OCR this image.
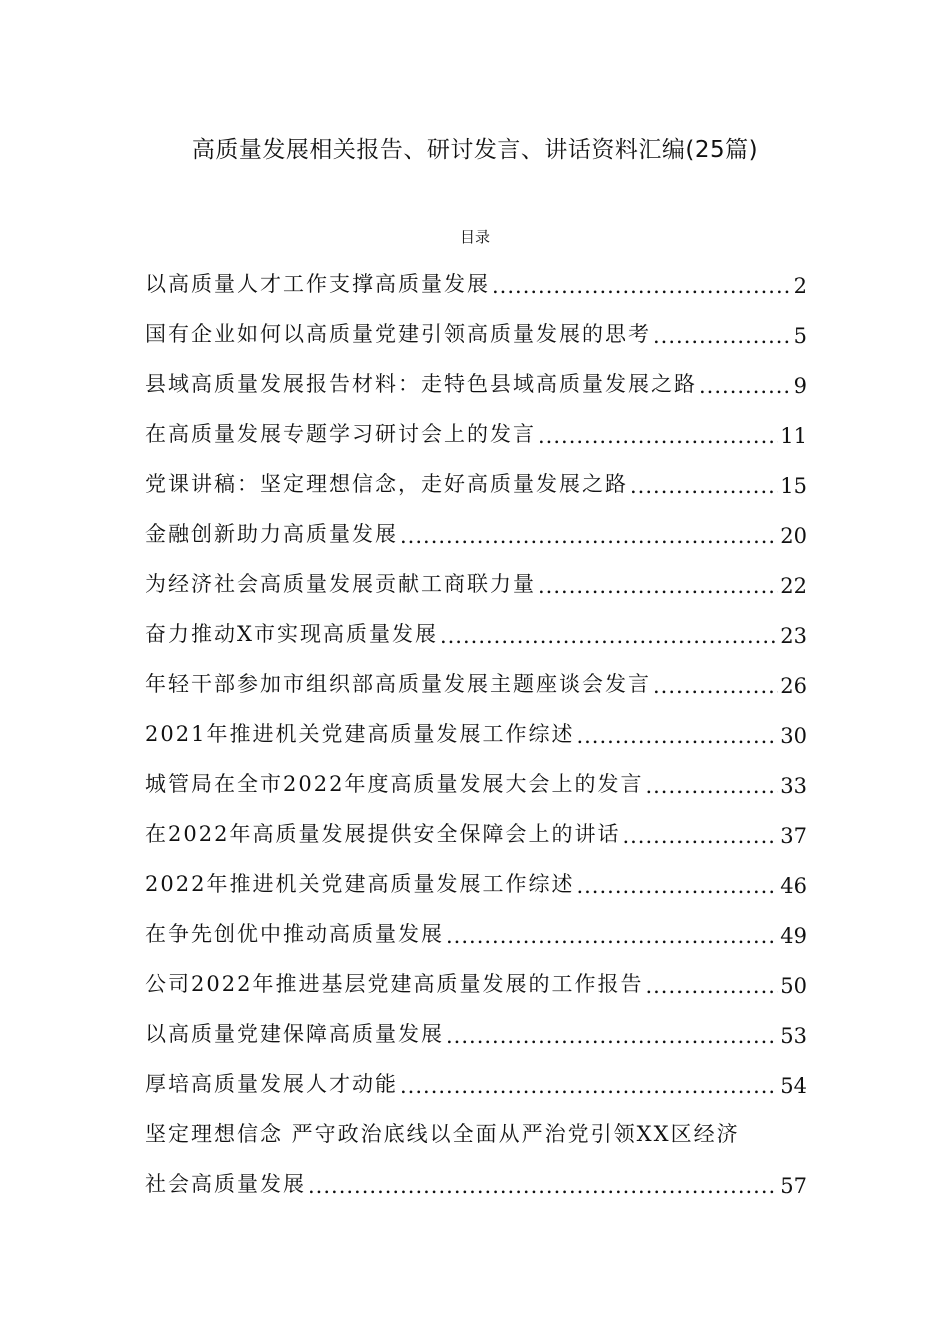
高质量发展相关报告、研讨发言、讲话资料汇编(25篇)
目录
以高质量人才工作支撑高质量发展 .....	2
国有企业如何以高质量党建引领高质量发展的思考 .....	5
县域高质量发展报告材料：走特色县域高质量发展之路 .....	9
在高质量发展专题学习研讨会上的发言 .....	11
党课讲稿：坚定理想信念，走好高质量发展之路 .....	15
金融创新助力高质量发展 .....	20
为经济社会高质量发展贡献工商联力量 .....	22
奋力推动X市实现高质量发展 .....	23
年轻干部参加市组织部高质量发展主题座谈会发言 .....	26
2021年推进机关党建高质量发展工作综述 .....	30
城管局在全市2022年度高质量发展大会上的发言 .....	33
在2022年高质量发展提供安全保障会上的讲话 .....	37
2022年推进机关党建高质量发展工作综述 .....	46
在争先创优中推动高质量发展 .....	49
公司2022年推进基层党建高质量发展的工作报告 .....	50
以高质量党建保障高质量发展 .....	53
厚培高质量发展人才动能 .....	54
坚定理想信念 严守政治底线以全面从严治党引领XX区经济
社会高质量发展 .....	57
